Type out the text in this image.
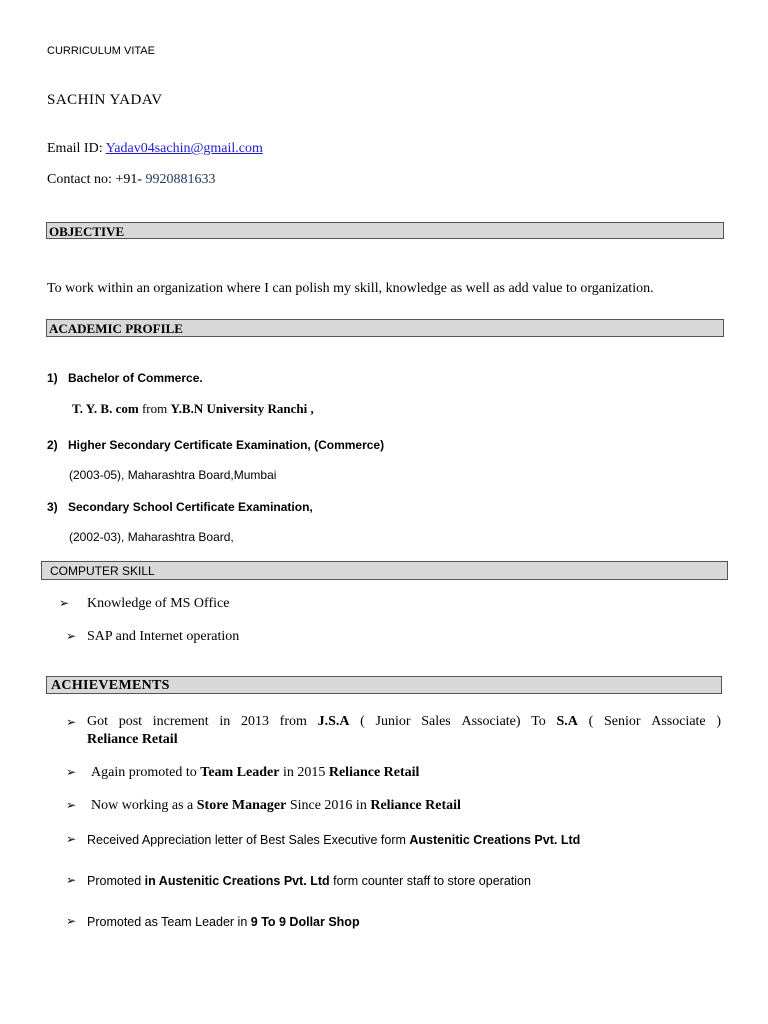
CURRICULUM VITAE
SACHIN YADAV
Email ID: Yadav04sachin@gmail.com
Contact no: +91- 9920881633
OBJECTIVE
To work within an organization where I can polish my skill, knowledge as well as add value to organization.
ACADEMIC PROFILE
1) Bachelor of Commerce.
T. Y. B. com from Y.B.N University Ranchi ,
2) Higher Secondary Certificate Examination, (Commerce)
(2003-05), Maharashtra Board,Mumbai
3) Secondary School Certificate Examination,
(2002-03), Maharashtra Board,
COMPUTER SKILL
➢ Knowledge of MS Office
➢ SAP and Internet operation
ACHIEVEMENTS
➢ Got post increment in 2013 from J.S.A ( Junior Sales Associate) To S.A ( Senior Associate )
Reliance Retail
➢ Again promoted to Team Leader in 2015 Reliance Retail
➢ Now working as a Store Manager Since 2016 in Reliance Retail
➢ Received Appreciation letter of Best Sales Executive form Austenitic Creations Pvt. Ltd
➢ Promoted in Austenitic Creations Pvt. Ltd form counter staff to store operation
➢ Promoted as Team Leader in 9 To 9 Dollar Shop
